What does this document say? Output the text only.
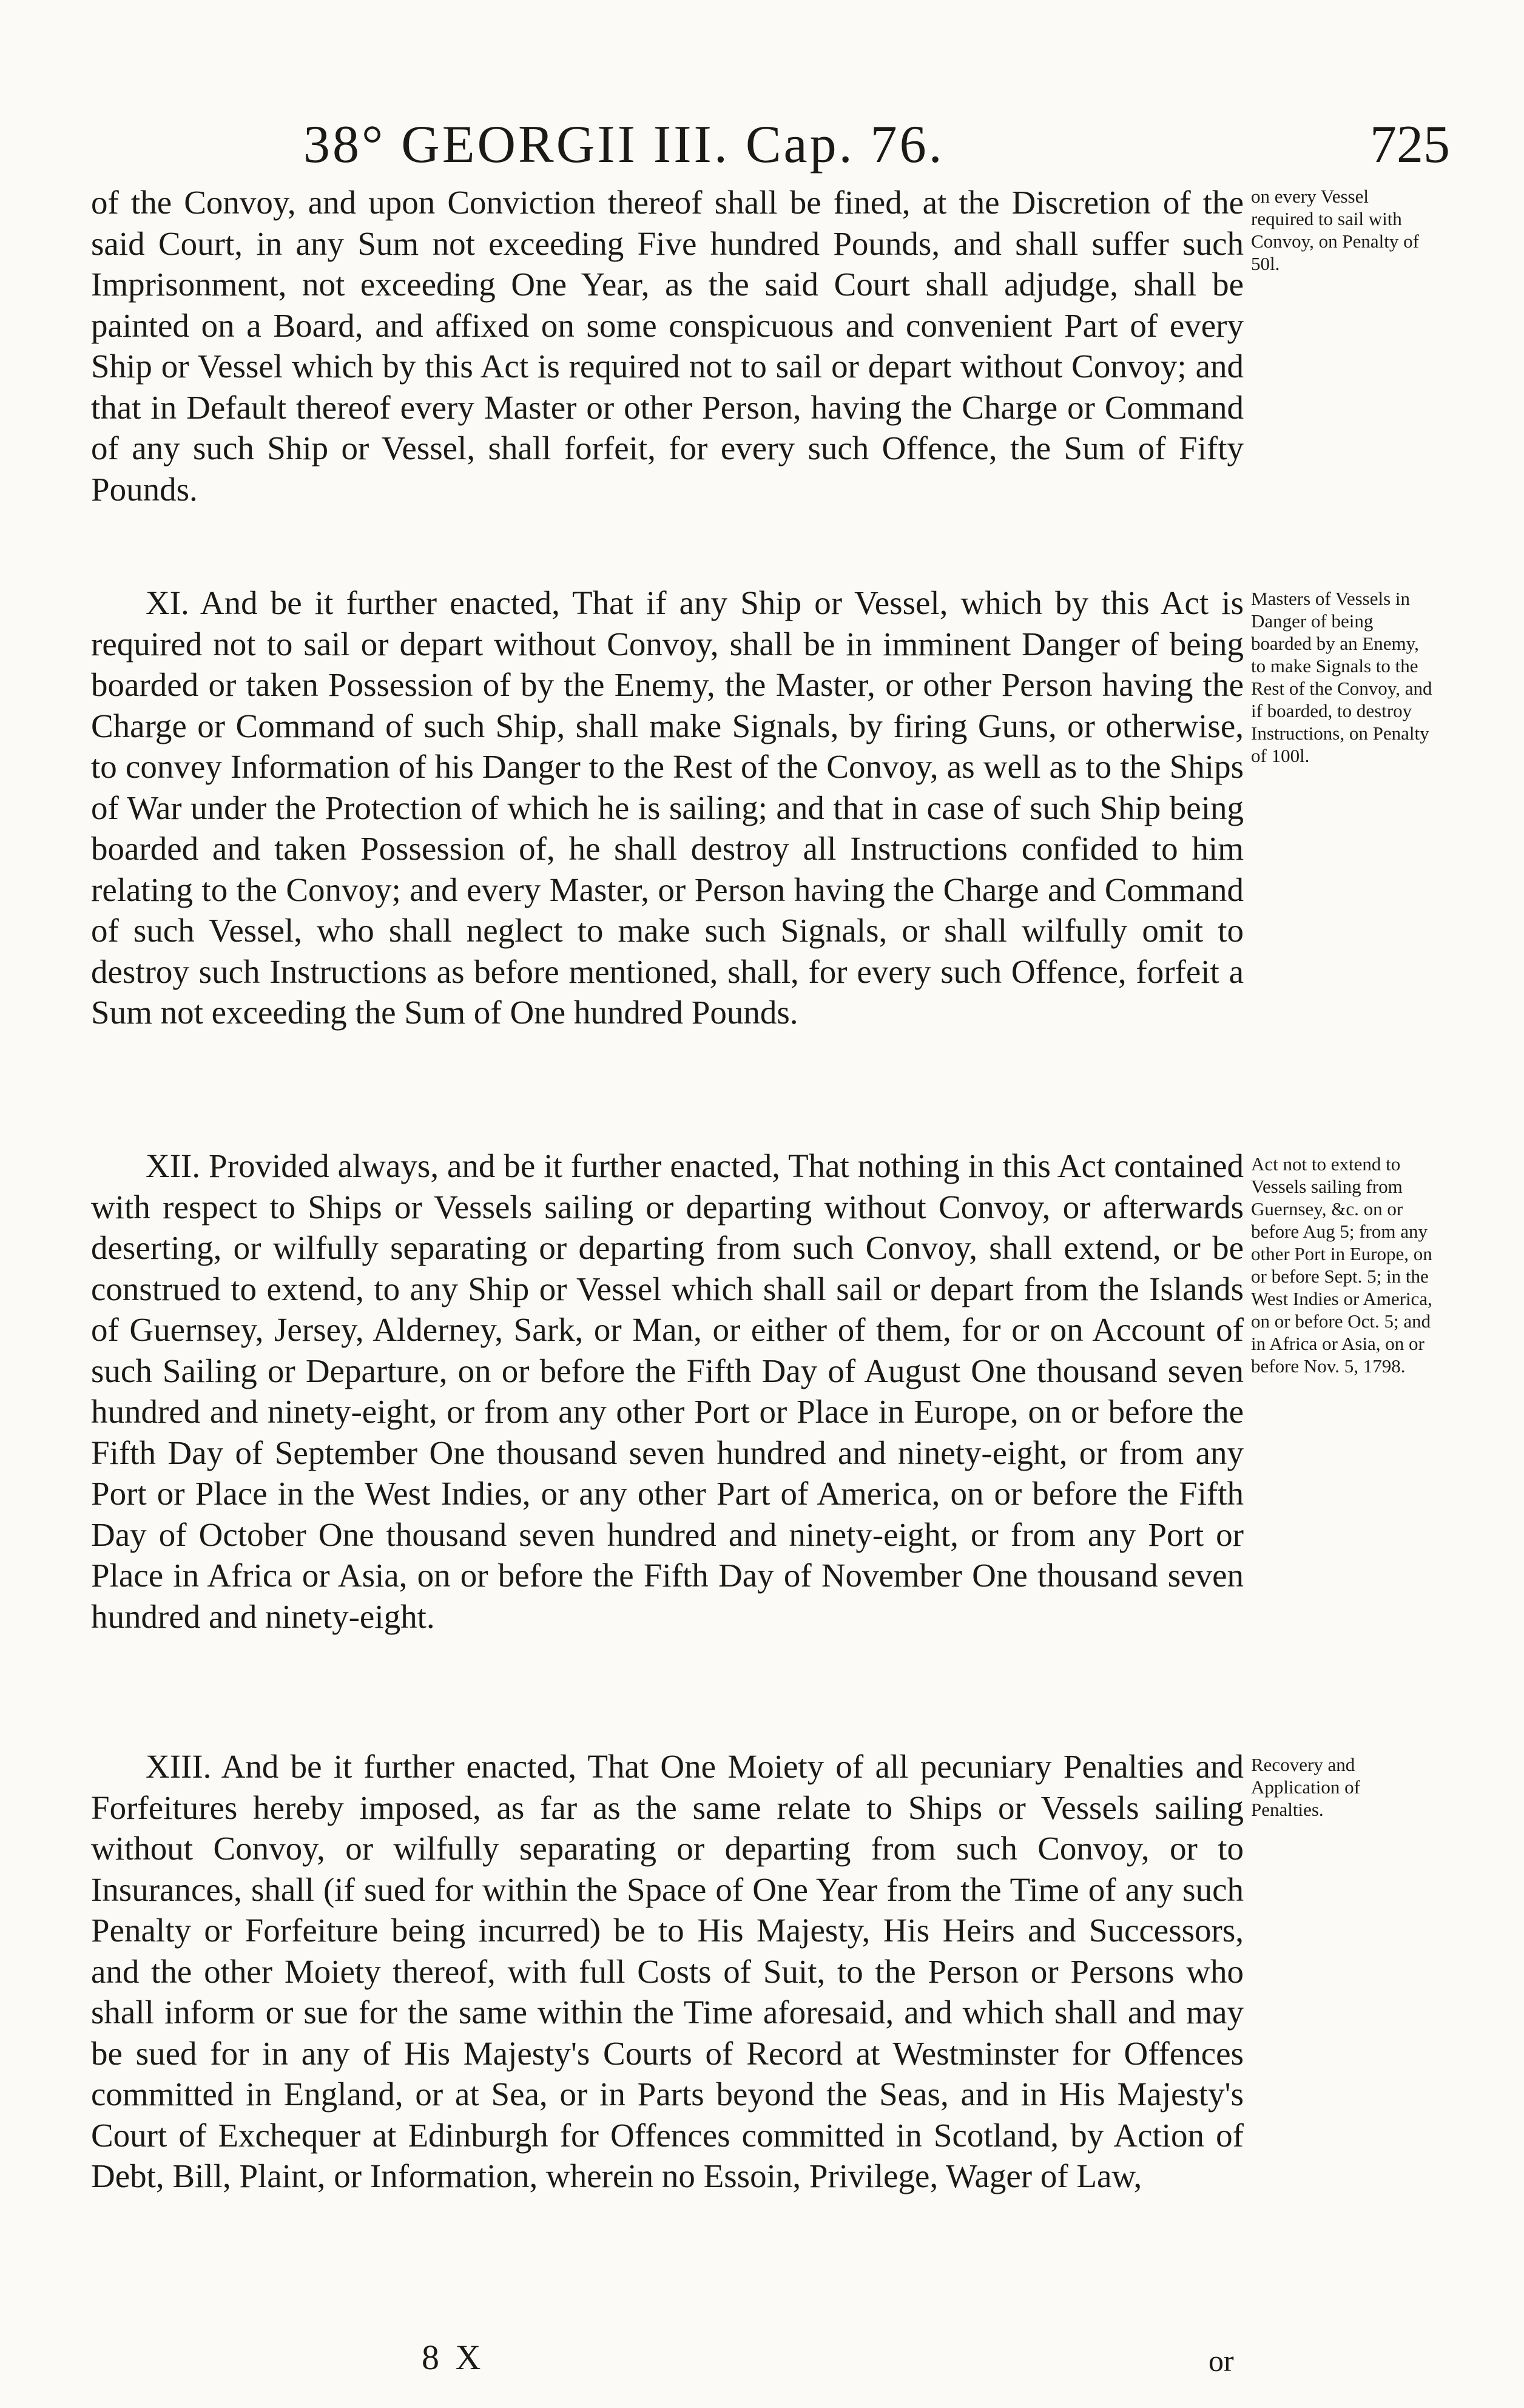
38° GEORGII III. Cap. 76.	725

of the Convoy, and upon Conviction thereof shall be fined, at the Discretion of the said Court, in any Sum not exceeding Five hundred Pounds, and shall suffer such Imprisonment, not exceeding One Year, as the said Court shall adjudge, shall be painted on a Board, and affixed on some conspicuous and convenient Part of every Ship or Vessel which by this Act is required not to sail or depart without Convoy; and that in Default thereof every Master or other Person, having the Charge or Command of any such Ship or Vessel, shall forfeit, for every such Offence, the Sum of Fifty Pounds.

XI. And be it further enacted, That if any Ship or Vessel, which by this Act is required not to sail or depart without Convoy, shall be in imminent Danger of being boarded or taken Possession of by the Enemy, the Master, or other Person having the Charge or Command of such Ship, shall make Signals, by firing Guns, or otherwise, to convey Information of his Danger to the Rest of the Convoy, as well as to the Ships of War under the Protection of which he is sailing; and that in case of such Ship being boarded and taken Possession of, he shall destroy all Instructions confided to him relating to the Convoy; and every Master, or Person having the Charge and Command of such Vessel, who shall neglect to make such Signals, or shall wilfully omit to destroy such Instructions as before mentioned, shall, for every such Offence, forfeit a Sum not exceeding the Sum of One hundred Pounds.

XII. Provided always, and be it further enacted, That nothing in this Act contained with respect to Ships or Vessels sailing or departing without Convoy, or afterwards deserting, or wilfully separating or departing from such Convoy, shall extend, or be construed to extend, to any Ship or Vessel which shall sail or depart from the Islands of Guernsey, Jersey, Alderney, Sark, or Man, or either of them, for or on Account of such Sailing or Departure, on or before the Fifth Day of August One thousand seven hundred and ninety-eight, or from any other Port or Place in Europe, on or before the Fifth Day of September One thousand seven hundred and ninety-eight, or from any Port or Place in the West Indies, or any other Part of America, on or before the Fifth Day of October One thousand seven hundred and ninety-eight, or from any Port or Place in Africa or Asia, on or before the Fifth Day of November One thousand seven hundred and ninety-eight.

XIII. And be it further enacted, That One Moiety of all pecuniary Penalties and Forfeitures hereby imposed, as far as the same relate to Ships or Vessels sailing without Convoy, or wilfully separating or departing from such Convoy, or to Insurances, shall (if sued for within the Space of One Year from the Time of any such Penalty or Forfeiture being incurred) be to His Majesty, His Heirs and Successors, and the other Moiety thereof, with full Costs of Suit, to the Person or Persons who shall inform or sue for the same within the Time aforesaid, and which shall and may be sued for in any of His Majesty's Courts of Record at Westminster for Offences committed in England, or at Sea, or in Parts beyond the Seas, and in His Majesty's Court of Exchequer at Edinburgh for Offences committed in Scotland, by Action of Debt, Bill, Plaint, or Information, wherein no Essoin, Privilege, Wager of Law,

on every Vessel required to sail with Convoy, on Penalty of 50l.

Masters of Vessels in Danger of being boarded by an Enemy, to make Signals to the Rest of the Convoy, and if boarded, to destroy Instructions, on Penalty of 100l.

Act not to extend to Vessels sailing from Guernsey, &c. on or before Aug 5; from any other Port in Europe, on or before Sept. 5; in the West Indies or America, on or before Oct. 5; and in Africa or Asia, on or before Nov. 5, 1798.

Recovery and Application of Penalties.

8 X	or
